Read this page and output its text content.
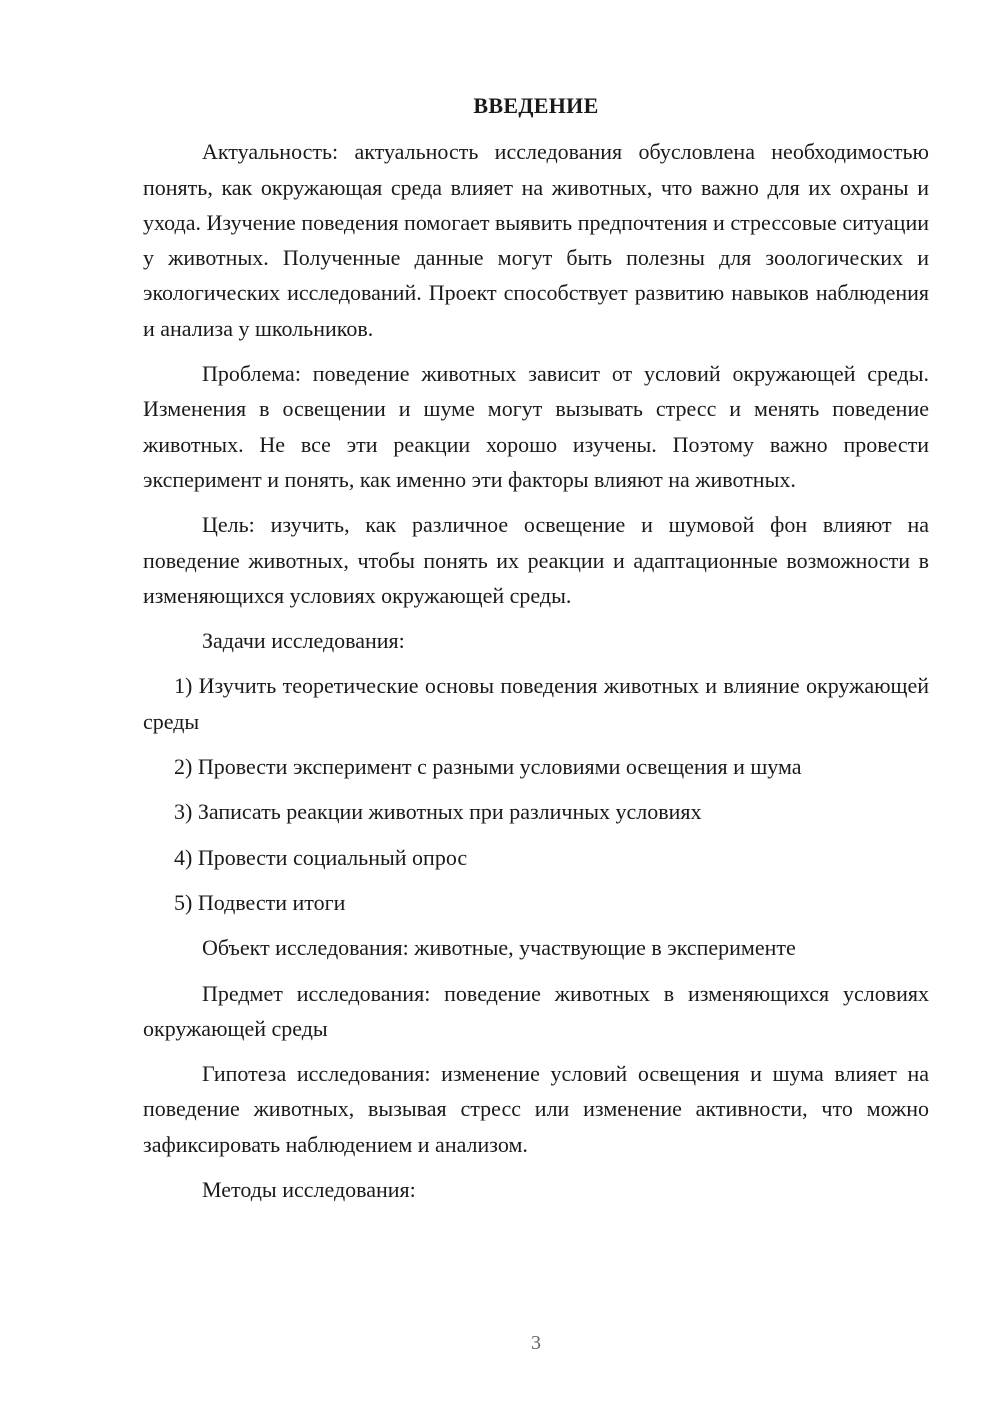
ВВЕДЕНИЕ

Актуальность: актуальность исследования обусловлена необходимостью понять, как окружающая среда влияет на животных, что важно для их охраны и ухода. Изучение поведения помогает выявить предпочтения и стрессовые ситуации у животных. Полученные данные могут быть полезны для зоологических и экологических исследований. Проект способствует развитию навыков наблюдения и анализа у школьников.

Проблема: поведение животных зависит от условий окружающей среды. Изменения в освещении и шуме могут вызывать стресс и менять поведение животных. Не все эти реакции хорошо изучены. Поэтому важно провести эксперимент и понять, как именно эти факторы влияют на животных.

Цель: изучить, как различное освещение и шумовой фон влияют на поведение животных, чтобы понять их реакции и адаптационные возможности в изменяющихся условиях окружающей среды.

Задачи исследования:

1) Изучить теоретические основы поведения животных и влияние окружающей среды
2) Провести эксперимент с разными условиями освещения и шума
3) Записать реакции животных при различных условиях
4) Провести социальный опрос
5) Подвести итоги

Объект исследования: животные, участвующие в эксперименте

Предмет исследования: поведение животных в изменяющихся условиях окружающей среды

Гипотеза исследования: изменение условий освещения и шума влияет на поведение животных, вызывая стресс или изменение активности, что можно зафиксировать наблюдением и анализом.

Методы исследования:

3
